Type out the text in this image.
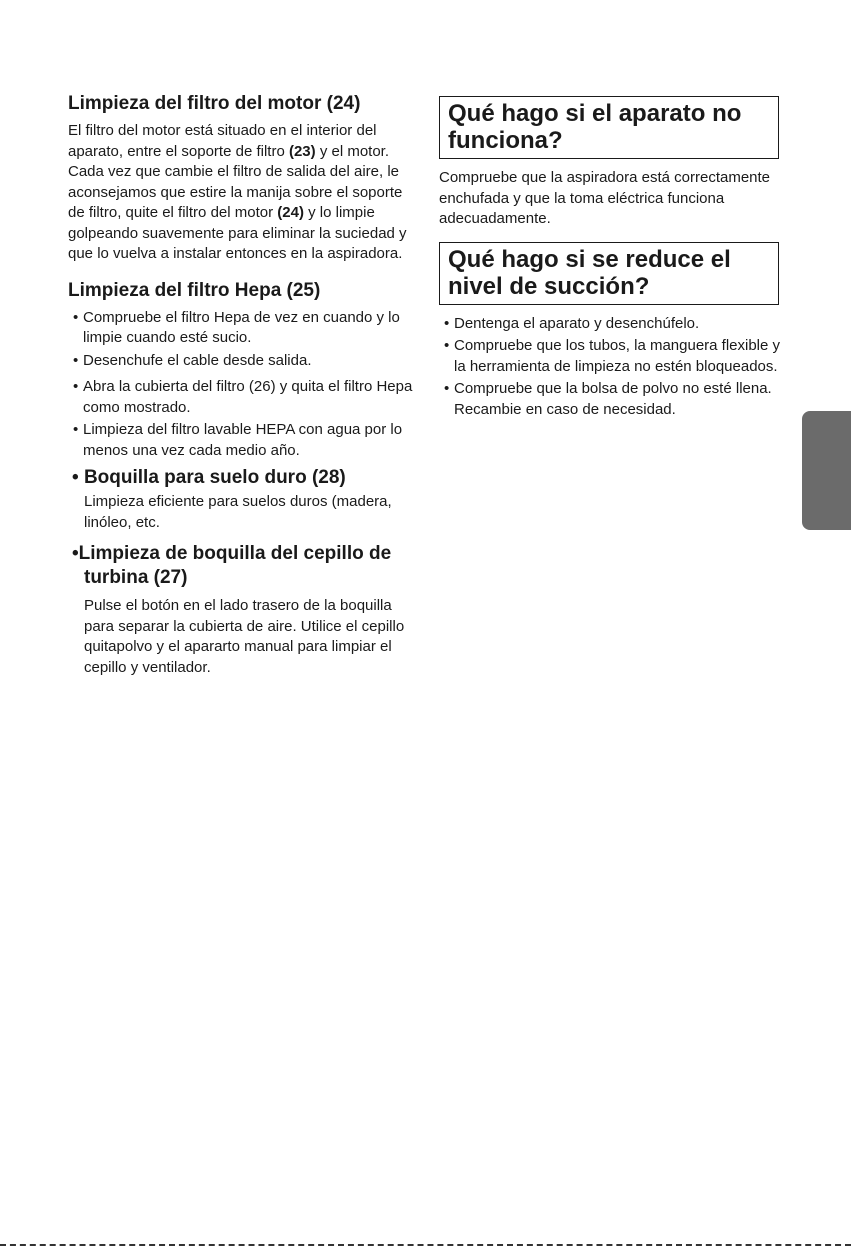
Limpieza del filtro del motor (24)

El filtro del motor está situado en el interior del aparato, entre el soporte de filtro (23) y el motor. Cada vez que cambie el filtro de salida del aire, le aconsejamos que estire la manija sobre el soporte de filtro, quite el filtro del motor (24) y lo limpie golpeando suavemente para eliminar la suciedad y que lo vuelva a instalar entonces en la aspiradora.

Limpieza del filtro Hepa (25)
• Compruebe el filtro Hepa de vez en cuando y lo limpie cuando esté sucio.
• Desenchufe el cable desde salida.
• Abra la cubierta del filtro (26) y quita el filtro Hepa como mostrado.
• Limpieza del filtro lavable HEPA con agua por lo menos una vez cada medio año.
• Boquilla para suelo duro (28)

Limpieza eficiente para suelos duros (madera, linóleo, etc.

•Limpieza de boquilla del cepillo de turbina (27)

Pulse el botón en el lado trasero de la boquilla para separar la cubierta de aire. Utilice el cepillo quitapolvo y el apararto manual para limpiar el cepillo y ventilador.

Qué hago si el aparato no funciona?

Compruebe que la aspiradora está correctamente enchufada y que la toma eléctrica funciona adecuadamente.

Qué hago si se reduce el nivel de succión?
• Dentenga el aparato y desenchúfelo.
• Compruebe que los tubos, la manguera flexible y la herramienta de limpieza no estén bloqueados.
• Compruebe que la bolsa de polvo no esté llena. Recambie en caso de necesidad.
